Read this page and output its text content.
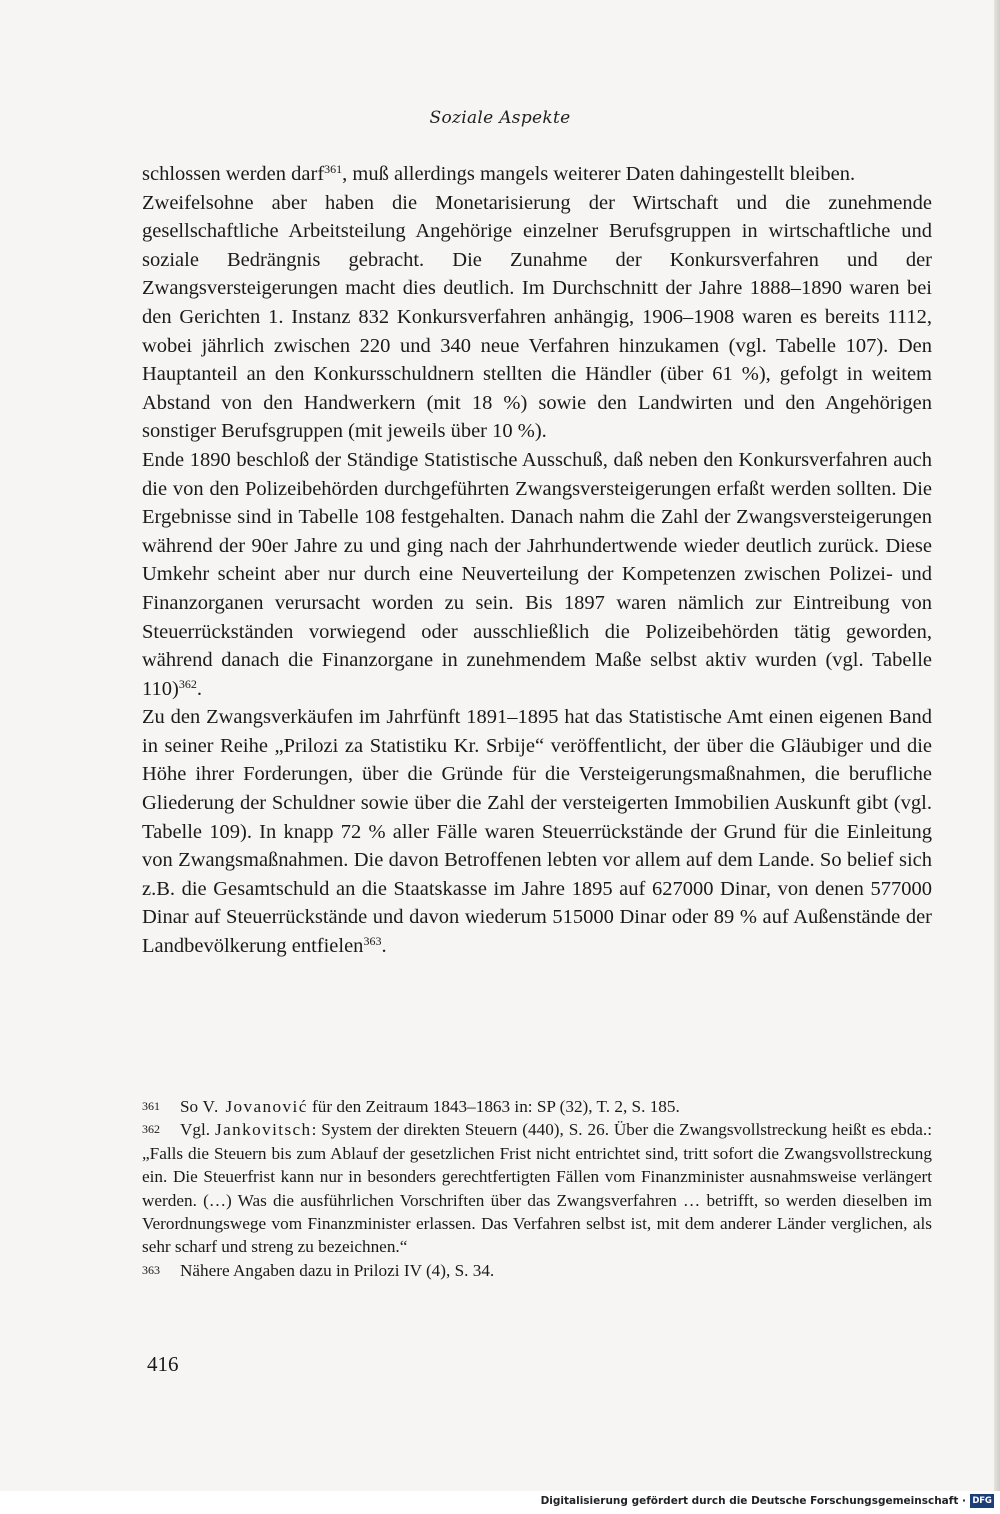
Soziale Aspekte

schlossen werden darf$^{361}$, muß allerdings mangels weiterer Daten dahingestellt bleiben.

Zweifelsohne aber haben die Monetarisierung der Wirtschaft und die zunehmende gesellschaftliche Arbeitsteilung Angehörige einzelner Berufsgruppen in wirtschaftliche und soziale Bedrängnis gebracht. Die Zunahme der Konkursverfahren und der Zwangsversteigerungen macht dies deutlich. Im Durchschnitt der Jahre 1888–1890 waren bei den Gerichten 1. Instanz 832 Konkursverfahren anhängig, 1906–1908 waren es bereits 1112, wobei jährlich zwischen 220 und 340 neue Verfahren hinzukamen (vgl. Tabelle 107). Den Hauptanteil an den Konkursschuldnern stellten die Händler (über 61 %), gefolgt in weitem Abstand von den Handwerkern (mit 18 %) sowie den Landwirten und den Angehörigen sonstiger Berufsgruppen (mit jeweils über 10 %).

Ende 1890 beschloß der Ständige Statistische Ausschuß, daß neben den Konkursverfahren auch die von den Polizeibehörden durchgeführten Zwangsversteigerungen erfaßt werden sollten. Die Ergebnisse sind in Tabelle 108 festgehalten. Danach nahm die Zahl der Zwangsversteigerungen während der 90er Jahre zu und ging nach der Jahrhundertwende wieder deutlich zurück. Diese Umkehr scheint aber nur durch eine Neuverteilung der Kompetenzen zwischen Polizei- und Finanzorganen verursacht worden zu sein. Bis 1897 waren nämlich zur Eintreibung von Steuerrückständen vorwiegend oder ausschließlich die Polizeibehörden tätig geworden, während danach die Finanzorgane in zunehmendem Maße selbst aktiv wurden (vgl. Tabelle 110)$^{362}$.

Zu den Zwangsverkäufen im Jahrfünft 1891–1895 hat das Statistische Amt einen eigenen Band in seiner Reihe „Prilozi za Statistiku Kr. Srbije“ veröffentlicht, der über die Gläubiger und die Höhe ihrer Forderungen, über die Gründe für die Versteigerungsmaßnahmen, die berufliche Gliederung der Schuldner sowie über die Zahl der versteigerten Immobilien Auskunft gibt (vgl. Tabelle 109). In knapp 72 % aller Fälle waren Steuerrückstände der Grund für die Einleitung von Zwangsmaßnahmen. Die davon Betroffenen lebten vor allem auf dem Lande. So belief sich z.B. die Gesamtschuld an die Staatskasse im Jahre 1895 auf 627000 Dinar, von denen 577000 Dinar auf Steuerrückstände und davon wiederum 515000 Dinar oder 89 % auf Außenstände der Landbevölkerung entfielen$^{363}$.

361 So V. Jovanović für den Zeitraum 1843–1863 in: SP (32), T. 2, S. 185.

362 Vgl. Jankovitsch: System der direkten Steuern (440), S. 26. Über die Zwangsvollstreckung heißt es ebda.: „Falls die Steuern bis zum Ablauf der gesetzlichen Frist nicht entrichtet sind, tritt sofort die Zwangsvollstreckung ein. Die Steuerfrist kann nur in besonders gerechtfertigten Fällen vom Finanzminister ausnahmsweise verlängert werden. (…) Was die ausführlichen Vorschriften über das Zwangsverfahren … betrifft, so werden dieselben im Verordnungswege vom Finanzminister erlassen. Das Verfahren selbst ist, mit dem anderer Länder verglichen, als sehr scharf und streng zu bezeichnen.“

363 Nähere Angaben dazu in Prilozi IV (4), S. 34.

416
Digitalisierung gefördert durch die Deutsche Forschungsgemeinschaft · DFG
